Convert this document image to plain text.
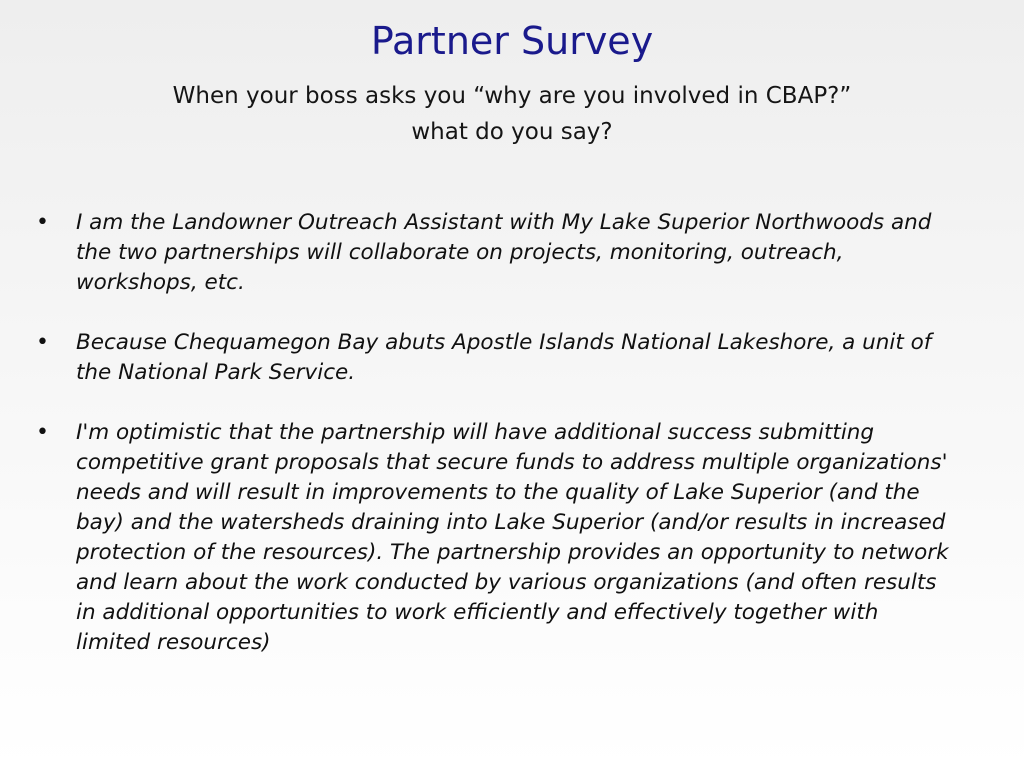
Partner Survey
When your boss asks you “why are you involved in CBAP?”
what do you say?
• I am the Landowner Outreach Assistant with My Lake Superior Northwoods and the two partnerships will collaborate on projects, monitoring, outreach, workshops, etc.
• Because Chequamegon Bay abuts Apostle Islands National Lakeshore, a unit of the National Park Service.
• I'm optimistic that the partnership will have additional success submitting competitive grant proposals that secure funds to address multiple organizations' needs and will result in improvements to the quality of Lake Superior (and the bay) and the watersheds draining into Lake Superior (and/or results in increased protection of the resources). The partnership provides an opportunity to network and learn about the work conducted by various organizations (and often results in additional opportunities to work efficiently and effectively together with limited resources)
